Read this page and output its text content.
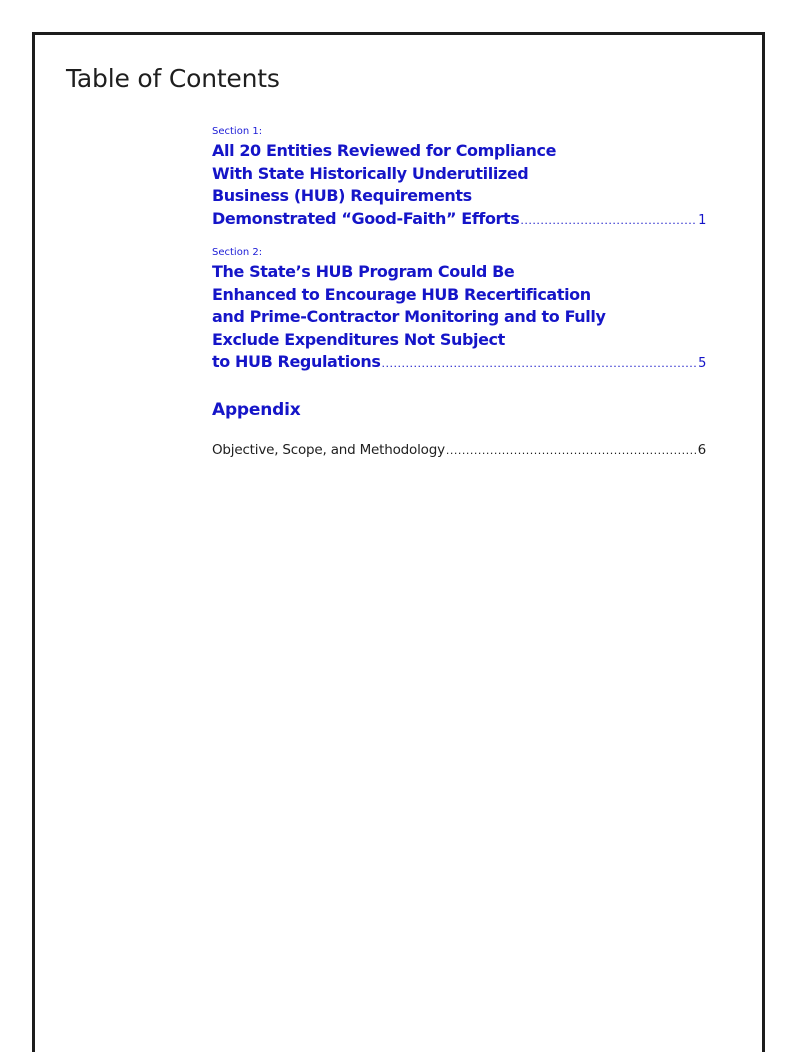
Table of Contents

Section 1:

All 20 Entities Reviewed for Compliance
With State Historically Underutilized
Business (HUB) Requirements
Demonstrated “Good-Faith” Efforts .....	1

Section 2:

The State’s HUB Program Could Be
Enhanced to Encourage HUB Recertification
and Prime-Contractor Monitoring and to Fully
Exclude Expenditures Not Subject
to HUB Regulations .....	5
Appendix
Objective, Scope, and Methodology .....	6
